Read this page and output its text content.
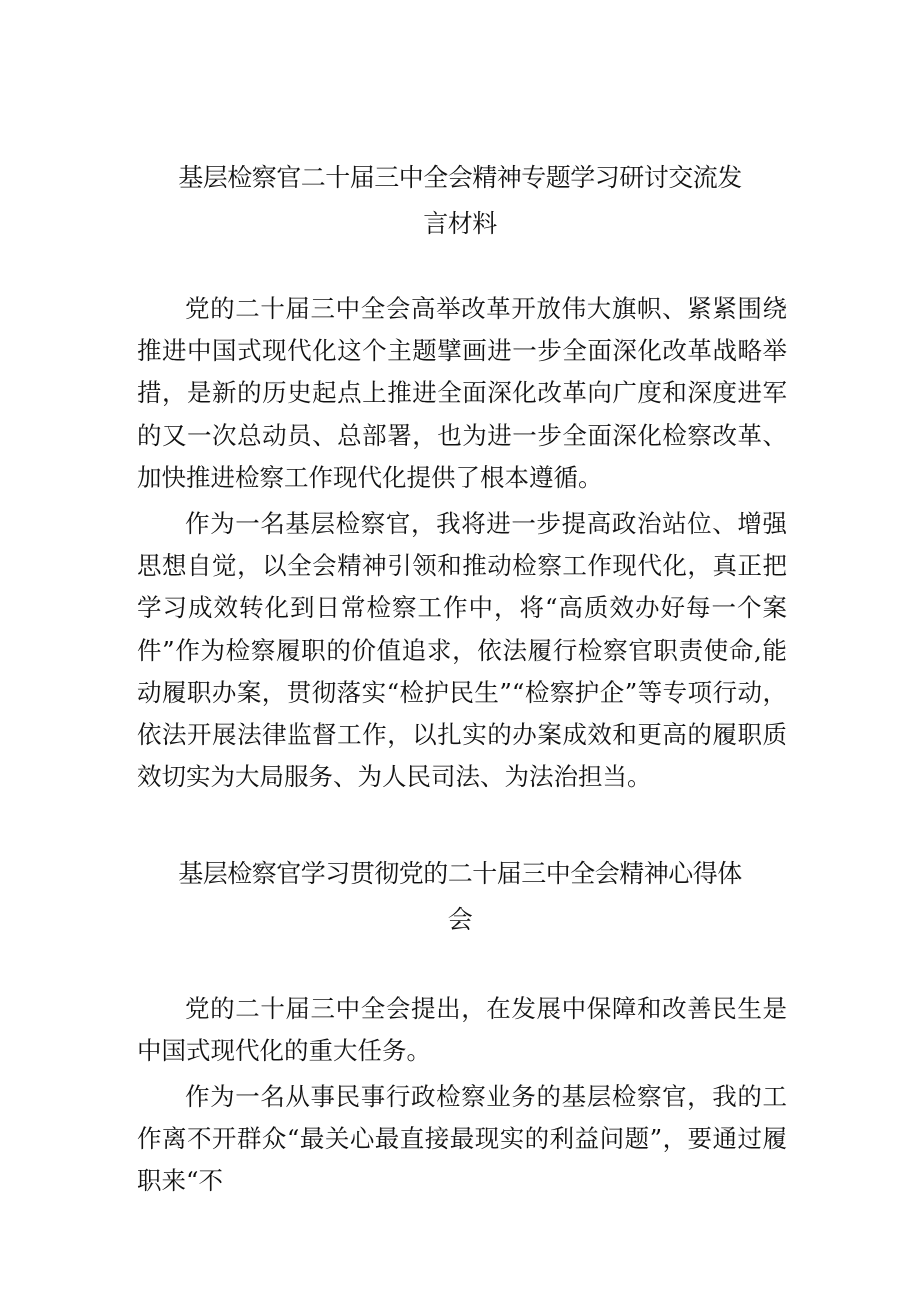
基层检察官二十届三中全会精神专题学习研讨交流发
言材料

党的二十届三中全会高举改革开放伟大旗帜、紧紧围绕推进中国式现代化这个主题擘画进一步全面深化改革战略举措，是新的历史起点上推进全面深化改革向广度和深度进军的又一次总动员、总部署，也为进一步全面深化检察改革、加快推进检察工作现代化提供了根本遵循。

作为一名基层检察官，我将进一步提高政治站位、增强思想自觉，以全会精神引领和推动检察工作现代化，真正把学习成效转化到日常检察工作中，将“高质效办好每一个案件”作为检察履职的价值追求，依法履行检察官职责使命,能动履职办案，贯彻落实“检护民生”“检察护企”等专项行动，依法开展法律监督工作，以扎实的办案成效和更高的履职质效切实为大局服务、为人民司法、为法治担当。

基层检察官学习贯彻党的二十届三中全会精神心得体
会

党的二十届三中全会提出，在发展中保障和改善民生是中国式现代化的重大任务。

作为一名从事民事行政检察业务的基层检察官，我的工作离不开群众“最关心最直接最现实的利益问题”，要通过履职来“不
